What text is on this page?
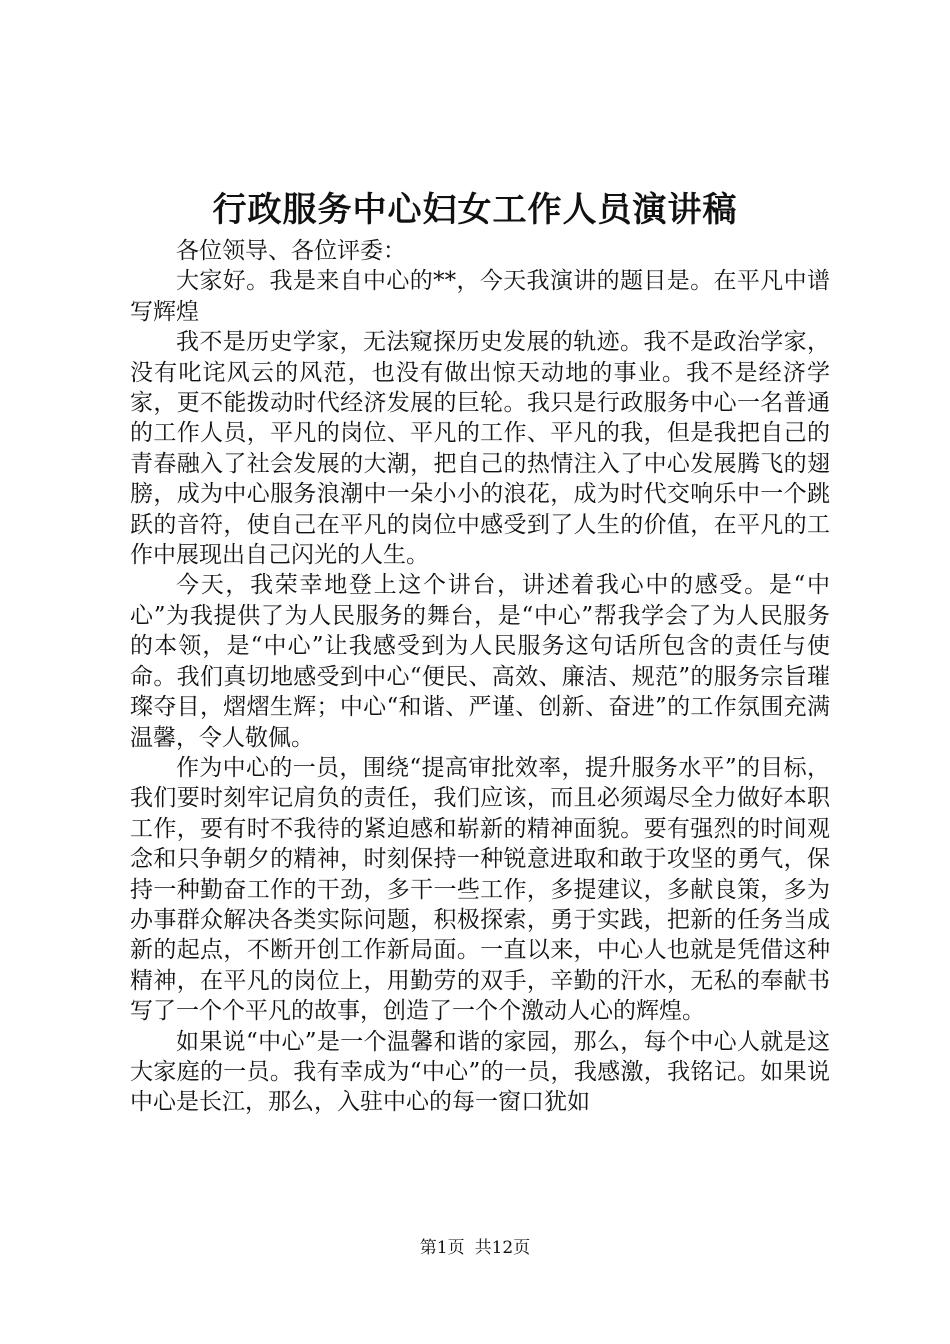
行政服务中心妇女工作人员演讲稿

各位领导、各位评委：

大家好。我是来自中心的**，今天我演讲的题目是。在平凡中谱写辉煌

我不是历史学家，无法窥探历史发展的轨迹。我不是政治学家，没有叱诧风云的风范，也没有做出惊天动地的事业。我不是经济学家，更不能拨动时代经济发展的巨轮。我只是行政服务中心一名普通的工作人员，平凡的岗位、平凡的工作、平凡的我，但是我把自己的青春融入了社会发展的大潮，把自己的热情注入了中心发展腾飞的翅膀，成为中心服务浪潮中一朵小小的浪花，成为时代交响乐中一个跳跃的音符，使自己在平凡的岗位中感受到了人生的价值，在平凡的工作中展现出自己闪光的人生。

今天，我荣幸地登上这个讲台，讲述着我心中的感受。是“中心”为我提供了为人民服务的舞台，是“中心”帮我学会了为人民服务的本领，是“中心”让我感受到为人民服务这句话所包含的责任与使命。我们真切地感受到中心“便民、高效、廉洁、规范”的服务宗旨璀璨夺目，熠熠生辉；中心“和谐、严谨、创新、奋进”的工作氛围充满温馨，令人敬佩。

作为中心的一员，围绕“提高审批效率，提升服务水平”的目标，我们要时刻牢记肩负的责任，我们应该，而且必须竭尽全力做好本职工作，要有时不我待的紧迫感和崭新的精神面貌。要有强烈的时间观念和只争朝夕的精神，时刻保持一种锐意进取和敢于攻坚的勇气，保持一种勤奋工作的干劲，多干一些工作，多提建议，多献良策，多为办事群众解决各类实际问题，积极探索，勇于实践，把新的任务当成新的起点，不断开创工作新局面。一直以来，中心人也就是凭借这种精神，在平凡的岗位上，用勤劳的双手，辛勤的汗水，无私的奉献书写了一个个平凡的故事，创造了一个个激动人心的辉煌。

如果说“中心”是一个温馨和谐的家园，那么，每个中心人就是这大家庭的一员。我有幸成为“中心”的一员，我感激，我铭记。如果说中心是长江，那么，入驻中心的每一窗口犹如

第1页 共12页
